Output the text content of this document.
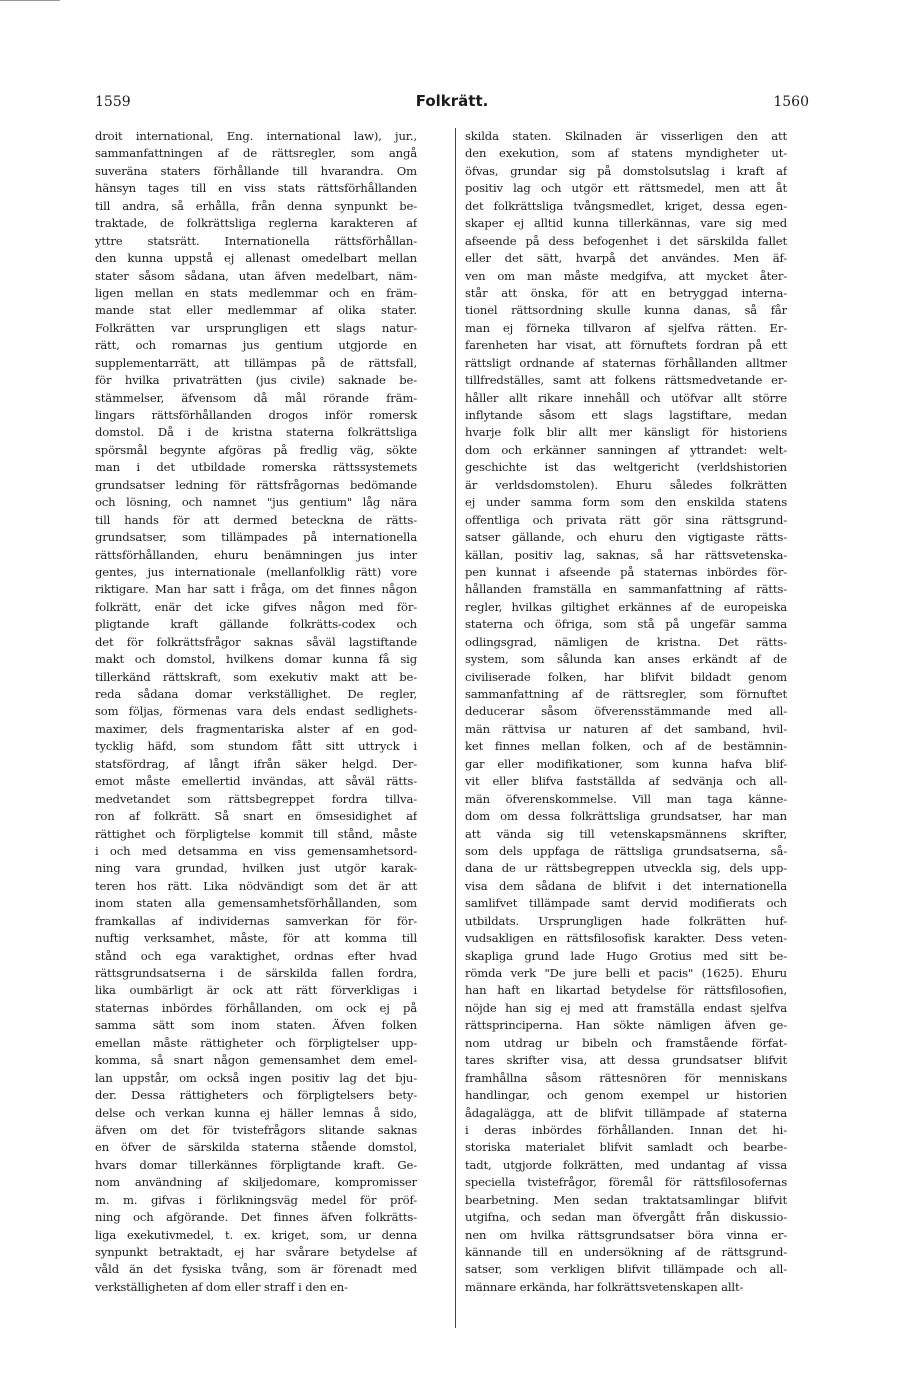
1559	Folkrätt.	1560
droit international, Eng. international law), jur.,
sammanfattningen af de rättsregler, som angå
suveräna staters förhållande till hvarandra. Om
hänsyn tages till en viss stats rättsförhållanden
till andra, så erhålla, från denna synpunkt be-
traktade, de folkrättsliga reglerna karakteren af
yttre statsrätt. Internationella rättsförhållan-
den kunna uppstå ej allenast omedelbart mellan
stater såsom sådana, utan äfven medelbart, näm-
ligen mellan en stats medlemmar och en främ-
mande stat eller medlemmar af olika stater.
Folkrätten var ursprungligen ett slags natur-
rätt, och romarnas jus gentium utgjorde en
supplementarrätt, att tillämpas på de rättsfall,
för hvilka privaträtten (jus civile) saknade be-
stämmelser, äfvensom då mål rörande främ-
lingars rättsförhållanden drogos inför romersk
domstol. Då i de kristna staterna folkrättsliga
spörsmål begynte afgöras på fredlig väg, sökte
man i det utbildade romerska rättssystemets
grundsatser ledning för rättsfrågornas bedömande
och lösning, och namnet "jus gentium" låg nära
till hands för att dermed beteckna de rätts-
grundsatser, som tillämpades på internationella
rättsförhållanden, ehuru benämningen jus inter
gentes, jus internationale (mellanfolklig rätt) vore
riktigare. Man har satt i fråga, om det finnes någon
folkrätt, enär det icke gifves någon med för-
pligtande kraft gällande folkrätts-codex och
det för folkrättsfrågor saknas såväl lagstiftande
makt och domstol, hvilkens domar kunna få sig
tillerkänd rättskraft, som exekutiv makt att be-
reda sådana domar verkställighet. De regler,
som följas, förmenas vara dels endast sedlighets-
maximer, dels fragmentariska alster af en god-
tycklig häfd, som stundom fått sitt uttryck i
statsfördrag, af långt ifrån säker helgd. Der-
emot måste emellertid invändas, att såväl rätts-
medvetandet som rättsbegreppet fordra tillva-
ron af folkrätt. Så snart en ömsesidighet af
rättighet och förpligtelse kommit till stånd, måste
i och med detsamma en viss gemensamhetsord-
ning vara grundad, hvilken just utgör karak-
teren hos rätt. Lika nödvändigt som det är att
inom staten alla gemensamhetsförhållanden, som
framkallas af individernas samverkan för för-
nuftig verksamhet, måste, för att komma till
stånd och ega varaktighet, ordnas efter hvad
rättsgrundsatserna i de särskilda fallen fordra,
lika oumbärligt är ock att rätt förverkligas i
staternas inbördes förhållanden, om ock ej på
samma sätt som inom staten. Äfven folken
emellan måste rättigheter och förpligtelser upp-
komma, så snart någon gemensamhet dem emel-
lan uppstår, om också ingen positiv lag det bju-
der. Dessa rättigheters och förpligtelsers bety-
delse och verkan kunna ej häller lemnas å sido,
äfven om det för tvistefrågors slitande saknas
en öfver de särskilda staterna stående domstol,
hvars domar tillerkännes förpligtande kraft. Ge-
nom användning af skiljedomare, kompromisser
m. m. gifvas i förlikningsväg medel för pröf-
ning och afgörande. Det finnes äfven folkrätts-
liga exekutivmedel, t. ex. kriget, som, ur denna
synpunkt betraktadt, ej har svårare betydelse af
våld än det fysiska tvång, som är förenadt med
verkställigheten af dom eller straff i den en-
skilda staten. Skilnaden är visserligen den att
den exekution, som af statens myndigheter ut-
öfvas, grundar sig på domstolsutslag i kraft af
positiv lag och utgör ett rättsmedel, men att åt
det folkrättsliga tvångsmedlet, kriget, dessa egen-
skaper ej alltid kunna tillerkännas, vare sig med
afseende på dess befogenhet i det särskilda fallet
eller det sätt, hvarpå det användes. Men äf-
ven om man måste medgifva, att mycket åter-
står att önska, för att en betryggad interna-
tionel rättsordning skulle kunna danas, så får
man ej förneka tillvaron af sjelfva rätten. Er-
farenheten har visat, att förnuftets fordran på ett
rättsligt ordnande af staternas förhållanden alltmer
tillfredställes, samt att folkens rättsmedvetande er-
håller allt rikare innehåll och utöfvar allt större
inflytande såsom ett slags lagstiftare, medan
hvarje folk blir allt mer känsligt för historiens
dom och erkänner sanningen af yttrandet: welt-
geschichte ist das weltgericht (verldshistorien
är verldsdomstolen). Ehuru således folkrätten
ej under samma form som den enskilda statens
offentliga och privata rätt gör sina rättsgrund-
satser gällande, och ehuru den vigtigaste rätts-
källan, positiv lag, saknas, så har rättsvetenska-
pen kunnat i afseende på staternas inbördes för-
hållanden framställa en sammanfattning af rätts-
regler, hvilkas giltighet erkännes af de europeiska
staterna och öfriga, som stå på ungefär samma
odlingsgrad, nämligen de kristna. Det rätts-
system, som sålunda kan anses erkändt af de
civiliserade folken, har blifvit bildadt genom
sammanfattning af de rättsregler, som förnuftet
deducerar såsom öfverensstämmande med all-
män rättvisa ur naturen af det samband, hvil-
ket finnes mellan folken, och af de bestämnin-
gar eller modifikationer, som kunna hafva blif-
vit eller blifva fastställda af sedvänja och all-
män öfverenskommelse. Vill man taga känne-
dom om dessa folkrättsliga grundsatser, har man
att vända sig till vetenskapsmännens skrifter,
som dels uppfaga de rättsliga grundsatserna, så-
dana de ur rättsbegreppen utveckla sig, dels upp-
visa dem sådana de blifvit i det internationella
samlifvet tillämpade samt dervid modifierats och
utbildats. Ursprungligen hade folkrätten huf-
vudsakligen en rättsfilosofisk karakter. Dess veten-
skapliga grund lade Hugo Grotius med sitt be-
römda verk "De jure belli et pacis" (1625). Ehuru
han haft en likartad betydelse för rättsfilosofien,
nöjde han sig ej med att framställa endast sjelfva
rättsprinciperna. Han sökte nämligen äfven ge-
nom utdrag ur bibeln och framstående förfat-
tares skrifter visa, att dessa grundsatser blifvit
framhållna såsom rättesnören för menniskans
handlingar, och genom exempel ur historien
ådagalägga, att de blifvit tillämpade af staterna
i deras inbördes förhållanden. Innan det hi-
storiska materialet blifvit samladt och bearbe-
tadt, utgjorde folkrätten, med undantag af vissa
speciella tvistefrågor, föremål för rättsfilosofernas
bearbetning. Men sedan traktatsamlingar blifvit
utgifna, och sedan man öfvergått från diskussio-
nen om hvilka rättsgrundsatser böra vinna er-
kännande till en undersökning af de rättsgrund-
satser, som verkligen blifvit tillämpade och all-
männare erkända, har folkrättsvetenskapen allt-
